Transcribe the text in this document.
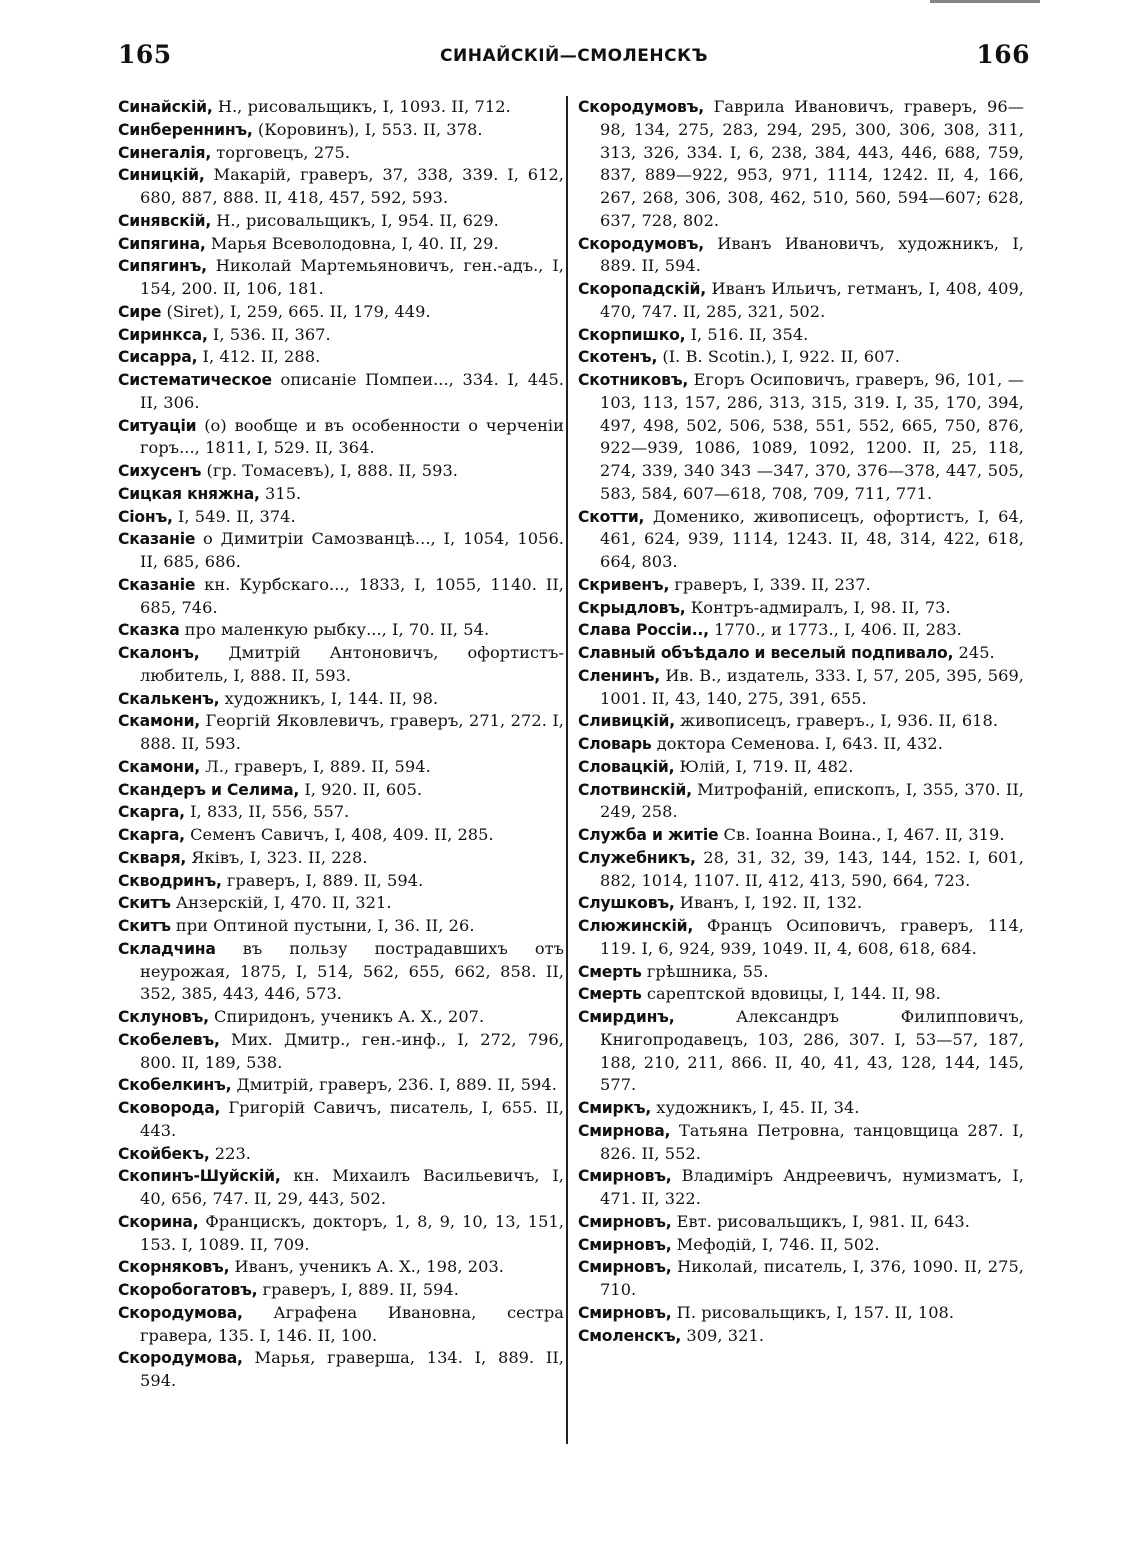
165	СИНАЙСКІЙ—СМОЛЕНСКЪ	166
Синайскій, Н., рисовальщикъ, I, 1093. II, 712.
Синбереннинъ, (Коровинъ), I, 553. II, 378.
Синегалія, торговецъ, 275.
Синицкій, Макарій, граверъ, 37, 338, 339. I, 612, 680, 887, 888. II, 418, 457, 592, 593.
Синявскій, Н., рисовальщикъ, I, 954. II, 629.
Сипягина, Марья Всеволодовна, I, 40. II, 29.
Сипягинъ, Николай Мартемьяновичъ, ген.-адъ., I, 154, 200. II, 106, 181.
Сире (Siret), I, 259, 665. II, 179, 449.
Сиринкса, I, 536. II, 367.
Сисарра, I, 412. II, 288.
Систематическое описаніе Помпеи..., 334. I, 445. II, 306.
Ситуаціи (о) вообще и въ особенности о черченіи горъ..., 1811, I, 529. II, 364.
Сихусенъ (гр. Томасевъ), I, 888. II, 593.
Сицкая княжна, 315.
Сіонъ, I, 549. II, 374.
Сказаніе о Димитріи Самозванцѣ..., I, 1054, 1056. II, 685, 686.
Сказаніе кн. Курбскаго..., 1833, I, 1055, 1140. II, 685, 746.
Сказка про маленкую рыбку..., I, 70. II, 54.
Скалонъ, Дмитрій Антоновичъ, офортистъ-любитель, I, 888. II, 593.
Скалькенъ, художникъ, I, 144. II, 98.
Скамони, Георгій Яковлевичъ, граверъ, 271, 272. I, 888. II, 593.
Скамони, Л., граверъ, I, 889. II, 594.
Скандеръ и Селима, I, 920. II, 605.
Скарга, I, 833, II, 556, 557.
Скарга, Семенъ Савичъ, I, 408, 409. II, 285.
Скваря, Яківъ, I, 323. II, 228.
Скводринъ, граверъ, I, 889. II, 594.
Скитъ Анзерскій, I, 470. II, 321.
Скитъ при Оптиной пустыни, I, 36. II, 26.
Складчина въ пользу пострадавшихъ отъ неурожая, 1875, I, 514, 562, 655, 662, 858. II, 352, 385, 443, 446, 573.
Склуновъ, Спиридонъ, ученикъ А. Х., 207.
Скобелевъ, Мих. Дмитр., ген.-инф., I, 272, 796, 800. II, 189, 538.
Скобелкинъ, Дмитрій, граверъ, 236. I, 889. II, 594.
Сковорода, Григорій Савичъ, писатель, I, 655. II, 443.
Скойбекъ, 223.
Скопинъ-Шуйскій, кн. Михаилъ Васильевичъ, I, 40, 656, 747. II, 29, 443, 502.
Скорина, Францискъ, докторъ, 1, 8, 9, 10, 13, 151, 153. I, 1089. II, 709.
Скорняковъ, Иванъ, ученикъ А. Х., 198, 203.
Скоробогатовъ, граверъ, I, 889. II, 594.
Скородумова, Аграфена Ивановна, сестра гравера, 135. I, 146. II, 100.
Скородумова, Марья, граверша, 134. I, 889. II, 594.
Скородумовъ, Гаврила Ивановичъ, граверъ, 96—98, 134, 275, 283, 294, 295, 300, 306, 308, 311, 313, 326, 334. I, 6, 238, 384, 443, 446, 688, 759, 837, 889—922, 953, 971, 1114, 1242. II, 4, 166, 267, 268, 306, 308, 462, 510, 560, 594—607; 628, 637, 728, 802.
Скородумовъ, Иванъ Ивановичъ, художникъ, I, 889. II, 594.
Скоропадскій, Иванъ Ильичъ, гетманъ, I, 408, 409, 470, 747. II, 285, 321, 502.
Скорпишко, I, 516. II, 354.
Скотенъ, (I. B. Scotin.), I, 922. II, 607.
Скотниковъ, Егоръ Осиповичъ, граверъ, 96, 101, —103, 113, 157, 286, 313, 315, 319. I, 35, 170, 394, 497, 498, 502, 506, 538, 551, 552, 665, 750, 876, 922—939, 1086, 1089, 1092, 1200. II, 25, 118, 274, 339, 340 343 —347, 370, 376—378, 447, 505, 583, 584, 607—618, 708, 709, 711, 771.
Скотти, Доменико, живописецъ, офортистъ, I, 64, 461, 624, 939, 1114, 1243. II, 48, 314, 422, 618, 664, 803.
Скривенъ, граверъ, I, 339. II, 237.
Скрыдловъ, Контръ-адмиралъ, I, 98. II, 73.
Слава Россіи.., 1770., и 1773., I, 406. II, 283.
Славный объѣдало и веселый подпивало, 245.
Сленинъ, Ив. В., издатель, 333. I, 57, 205, 395, 569, 1001. II, 43, 140, 275, 391, 655.
Сливицкій, живописецъ, граверъ., I, 936. II, 618.
Словарь доктора Семенова. I, 643. II, 432.
Словацкій, Юлій, I, 719. II, 482.
Слотвинскій, Митрофаній, епископъ, I, 355, 370. II, 249, 258.
Служба и житіе Св. Іоанна Воина., I, 467. II, 319.
Служебникъ, 28, 31, 32, 39, 143, 144, 152. I, 601, 882, 1014, 1107. II, 412, 413, 590, 664, 723.
Слушковъ, Иванъ, I, 192. II, 132.
Слюжинскій, Францъ Осиповичъ, граверъ, 114, 119. I, 6, 924, 939, 1049. II, 4, 608, 618, 684.
Смерть грѣшника, 55.
Смерть сарептской вдовицы, I, 144. II, 98.
Смирдинъ, Александръ Филипповичъ, Книгопродавецъ, 103, 286, 307. I, 53—57, 187, 188, 210, 211, 866. II, 40, 41, 43, 128, 144, 145, 577.
Смиркъ, художникъ, I, 45. II, 34.
Смирнова, Татьяна Петровна, танцовщица 287. I, 826. II, 552.
Смирновъ, Владиміръ Андреевичъ, нумизматъ, I, 471. II, 322.
Смирновъ, Евт. рисовальщикъ, I, 981. II, 643.
Смирновъ, Мефодій, I, 746. II, 502.
Смирновъ, Николай, писатель, I, 376, 1090. II, 275, 710.
Смирновъ, П. рисовальщикъ, I, 157. II, 108.
Смоленскъ, 309, 321.
